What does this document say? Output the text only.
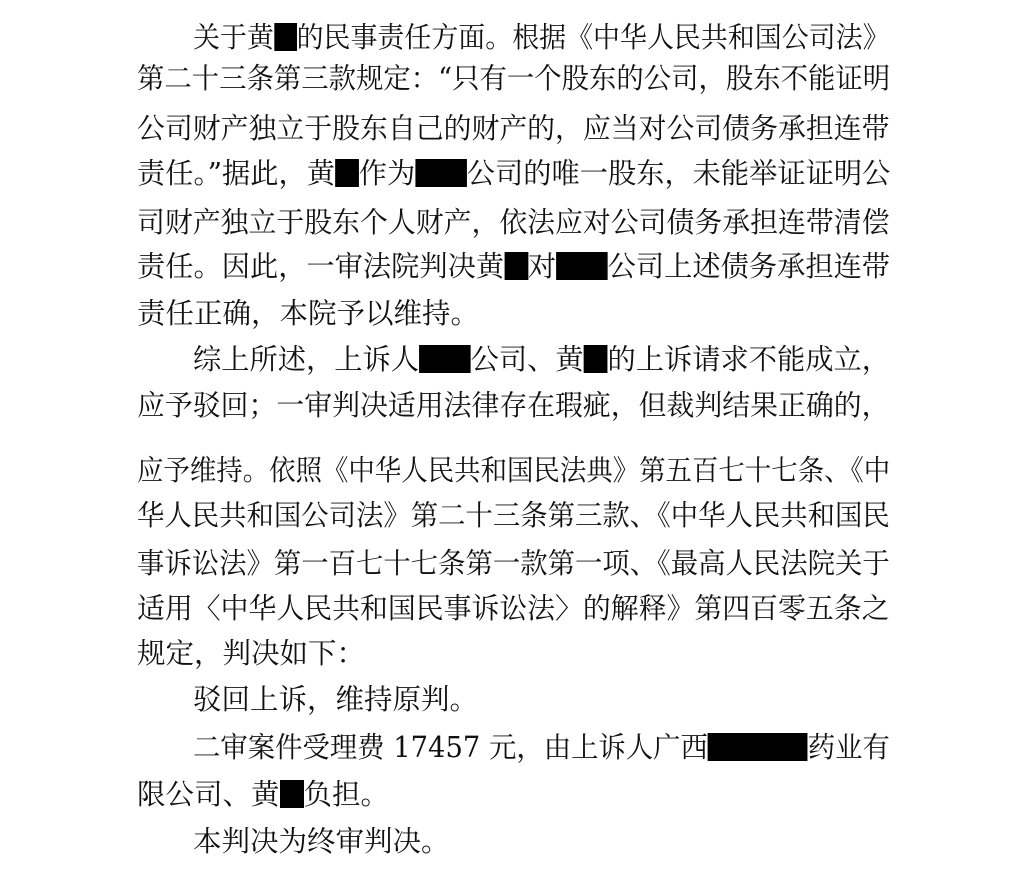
关于黄 的民事责任方面。根据《中华人民共和国公司法》
第二十三条第三款规定：“只有一个股东的公司，股东不能证明
公司财产独立于股东自己的财产的，应当对公司债务承担连带
责任。”据此，黄 作为 公司的唯一股东，未能举证证明公
司财产独立于股东个人财产，依法应对公司债务承担连带清偿
责任。因此，一审法院判决黄 对 公司上述债务承担连带
责任正确，本院予以维持。
综上所述，上诉人 公司、黄 的上诉请求不能成立，
应予驳回；一审判决适用法律存在瑕疵，但裁判结果正确的，
应予维持。依照《中华人民共和国民法典》第五百七十七条、《中
华人民共和国公司法》第二十三条第三款、《中华人民共和国民
事诉讼法》第一百七十七条第一款第一项、《最高人民法院关于
适用〈中华人民共和国民事诉讼法〉的解释》第四百零五条之
规定，判决如下：
驳回上诉，维持原判。
二审案件受理费 17457 元，由上诉人广西	药业有
限公司、黄 负担。
本判决为终审判决。
